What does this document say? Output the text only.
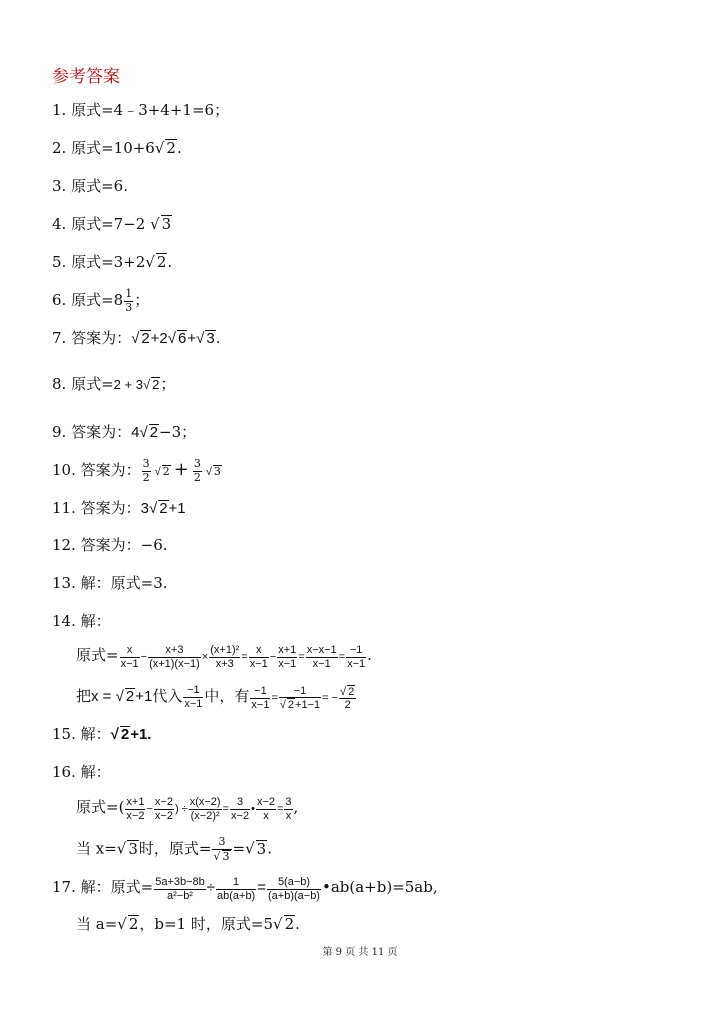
参考答案
1. 原式=4﹣3+4+1=6；
2. 原式=10+6√ 2.
3. 原式=6.
4. 原式=7−2 √ 3
5. 原式=3+2√ 2.
6. 原式$=8 \frac{1}{3}$ ；
7. 答案为：√ 2+2√ 6+√ 3.
8. 原式=2 + 3√ 2；
9. 答案为：4√ 2−3；
10. 答案为： $\frac{3}{2}$ √ $2 + \frac{3}{2}$ √ 3
11. 答案为：3√ 2+1
12. 答案为：−6.
13. 解：原式=3.
14. 解：
原式= $\frac{x}{x-1} - \frac{x+3}{(x+1)(x-1)} \times \frac{\text{(x+1)²}}{x+3} = \frac{x}{x-1} - \frac{x+1}{x-1} = \frac{x-x-1}{x-1} = \frac{-1}{x-1}$ .
把x = √ 2+1代入 $\frac{-1}{x-1}$ 中，有 $\frac{-1}{x-1} = \frac{-1}{√ 2+1-1}$ = − $\frac{√ 2}{2}$
15. 解：√ 2+1.
16. 解：
原式=( $\frac{x+1}{x-2} - \frac{x-2}{x-2}$ ) ÷ $\frac{x(x-2)}{\text{(x−2)²}} = \frac{3}{x-2}$ • $\frac{x-2}{x} = \frac{3}{x}$ ,
当 x=√ 3时，原式= $\frac{3}{√ 3}$ =√ 3.
17. 解：原式= $\frac{5a+3b-8b}{\text{a²−b²}} \div \frac{1}{ab(a+b)} = \frac{5(a-b)}{(a+b)(a-b)}$ •ab(a+b)=5ab,
当 a=√ 2，b=1 时，原式=5√ 2.
第 9 页 共 11 页
